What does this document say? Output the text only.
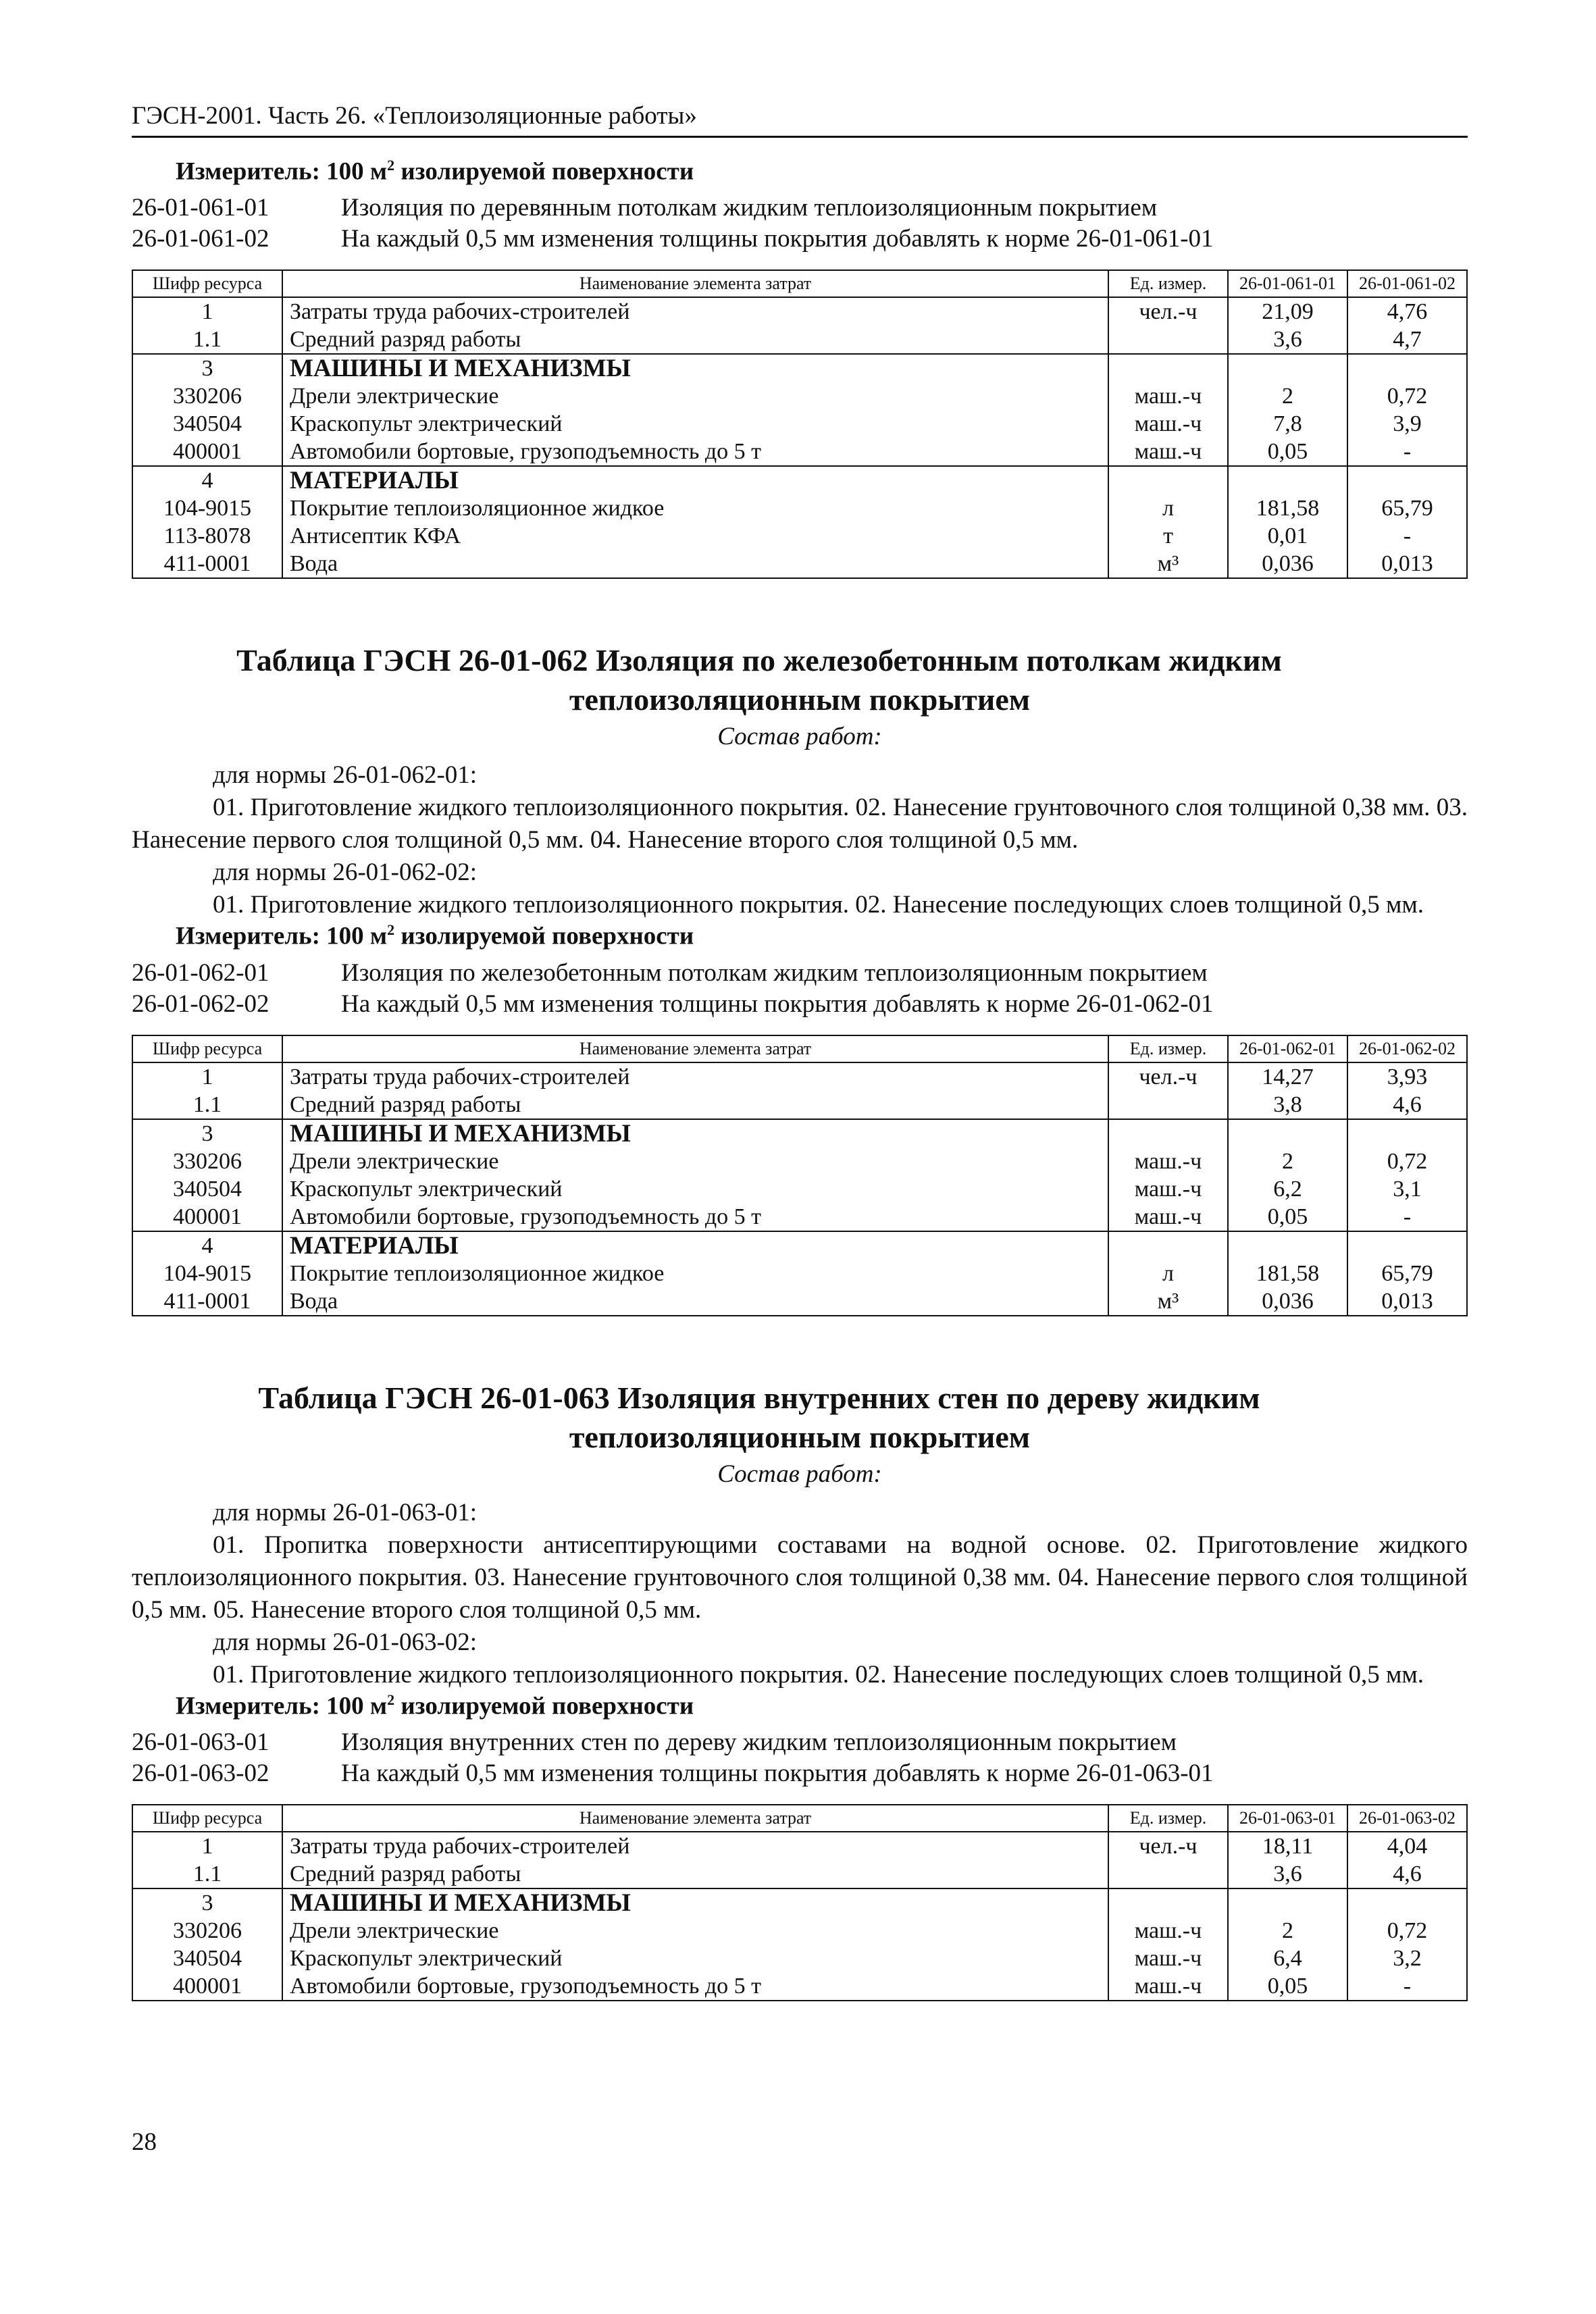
ГЭСН-2001. Часть 26. «Теплоизоляционные работы»
Измеритель: 100 $м^2$ изолируемой поверхности
26-01-061-01	Изоляция по деревянным потолкам жидким теплоизоляционным покрытием
26-01-061-02	На каждый 0,5 мм изменения толщины покрытия добавлять к норме 26-01-061-01
Шифр ресурса	Наименование элемента затрат	Ед. измер.	26-01-061-01	26-01-061-02
1	Затраты труда рабочих-строителей	чел.-ч	21,09	4,76
1.1	Средний разряд работы		3,6	4,7
3	МАШИНЫ И МЕХАНИЗМЫ			
330206	Дрели электрические	маш.-ч	2	0,72
340504	Краскопульт электрический	маш.-ч	7,8	3,9
400001	Автомобили бортовые, грузоподъемность до 5 т	маш.-ч	0,05	-
4	МАТЕРИАЛЫ			
104-9015	Покрытие теплоизоляционное жидкое	л	181,58	65,79
113-8078	Антисептик КФА	т	0,01	-
411-0001	Вода	м³	0,036	0,013
Таблица ГЭСН 26-01-062 Изоляция по железобетонным потолкам жидким
теплоизоляционным покрытием
Состав работ:
для нормы 26-01-062-01:

01. Приготовление жидкого теплоизоляционного покрытия. 02. Нанесение грунтовочного слоя толщиной 0,38 мм. 03. Нанесение первого слоя толщиной 0,5 мм. 04. Нанесение второго слоя толщиной 0,5 мм.

для нормы 26-01-062-02:

01. Приготовление жидкого теплоизоляционного покрытия. 02. Нанесение последующих слоев толщиной 0,5 мм.

Измеритель: 100 $м^2$ изолируемой поверхности
26-01-062-01	Изоляция по железобетонным потолкам жидким теплоизоляционным покрытием
26-01-062-02	На каждый 0,5 мм изменения толщины покрытия добавлять к норме 26-01-062-01
Шифр ресурса	Наименование элемента затрат	Ед. измер.	26-01-062-01	26-01-062-02
1	Затраты труда рабочих-строителей	чел.-ч	14,27	3,93
1.1	Средний разряд работы		3,8	4,6
3	МАШИНЫ И МЕХАНИЗМЫ			
330206	Дрели электрические	маш.-ч	2	0,72
340504	Краскопульт электрический	маш.-ч	6,2	3,1
400001	Автомобили бортовые, грузоподъемность до 5 т	маш.-ч	0,05	-
4	МАТЕРИАЛЫ			
104-9015	Покрытие теплоизоляционное жидкое	л	181,58	65,79
411-0001	Вода	м³	0,036	0,013
Таблица ГЭСН 26-01-063 Изоляция внутренних стен по дереву жидким
теплоизоляционным покрытием
Состав работ:
для нормы 26-01-063-01:

01. Пропитка поверхности антисептирующими составами на водной основе. 02. Приготовление жидкого теплоизоляционного покрытия. 03. Нанесение грунтовочного слоя толщиной 0,38 мм. 04. Нанесение первого слоя толщиной 0,5 мм. 05. Нанесение второго слоя толщиной 0,5 мм.

для нормы 26-01-063-02:

01. Приготовление жидкого теплоизоляционного покрытия. 02. Нанесение последующих слоев толщиной 0,5 мм.

Измеритель: 100 $м^2$ изолируемой поверхности
26-01-063-01	Изоляция внутренних стен по дереву жидким теплоизоляционным покрытием
26-01-063-02	На каждый 0,5 мм изменения толщины покрытия добавлять к норме 26-01-063-01
Шифр ресурса	Наименование элемента затрат	Ед. измер.	26-01-063-01	26-01-063-02
1	Затраты труда рабочих-строителей	чел.-ч	18,11	4,04
1.1	Средний разряд работы		3,6	4,6
3	МАШИНЫ И МЕХАНИЗМЫ			
330206	Дрели электрические	маш.-ч	2	0,72
340504	Краскопульт электрический	маш.-ч	6,4	3,2
400001	Автомобили бортовые, грузоподъемность до 5 т	маш.-ч	0,05	-
28
